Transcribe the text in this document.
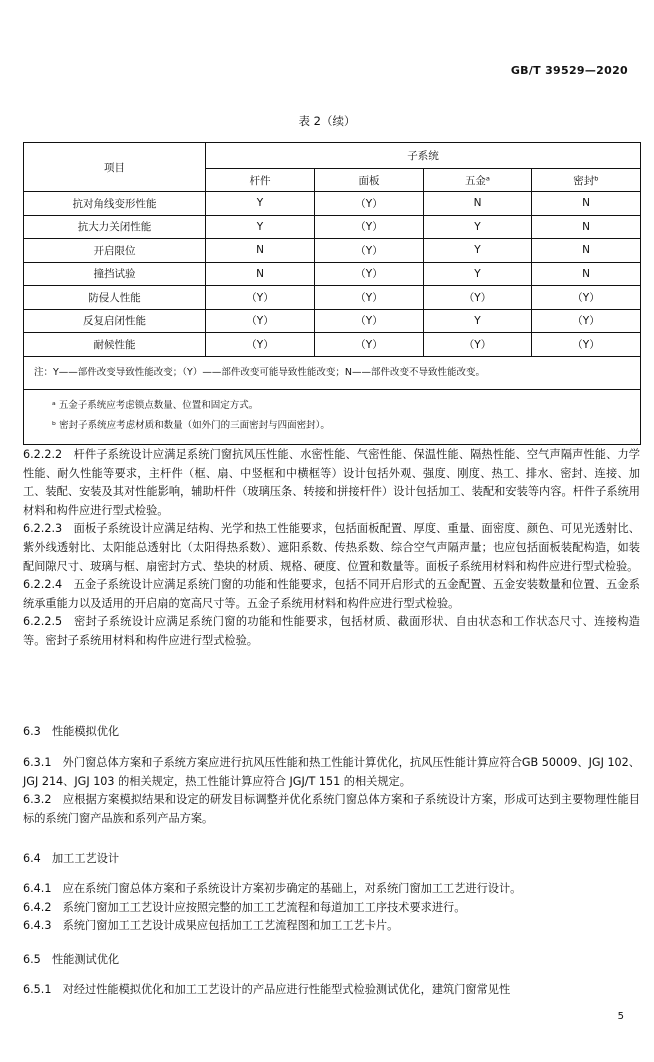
GB/T 39529—2020
表 2（续）
项目	子系统			
	杆件	面板	五金ᵃ	密封ᵇ
抗对角线变形性能	Y	（Y）	N	N
抗大力关闭性能	Y	（Y）	Y	N
开启限位	N	（Y）	Y	N
撞挡试验	N	（Y）	Y	N
防侵人性能	（Y）	（Y）	（Y）	（Y）
反复启闭性能	（Y）	（Y）	Y	（Y）
耐候性能	（Y）	（Y）	（Y）	（Y）
注：Y——部件改变导致性能改变；（Y）——部件改变可能导致性能改变；N——部件改变不导致性能改变。				

ᵃ 五金子系统应考虑锁点数量、位置和固定方式。
ᵇ 密封子系统应考虑材质和数量（如外门的三面密封与四面密封）。				

6.2.2.2　杆件子系统设计应满足系统门窗抗风压性能、水密性能、气密性能、保温性能、隔热性能、空气声隔声性能、力学性能、耐久性能等要求，主杆件（框、扇、中竖框和中横框等）设计包括外观、强度、刚度、热工、排水、密封、连接、加工、装配、安装及其对性能影响，辅助杆件（玻璃压条、转接和拼接杆件）设计包括加工、装配和安装等内容。杆件子系统用材料和构件应进行型式检验。

6.2.2.3　面板子系统设计应满足结构、光学和热工性能要求，包括面板配置、厚度、重量、面密度、颜色、可见光透射比、紫外线透射比、太阳能总透射比（太阳得热系数）、遮阳系数、传热系数、综合空气声隔声量；也应包括面板装配构造，如装配间隙尺寸、玻璃与框、扇密封方式、垫块的材质、规格、硬度、位置和数量等。面板子系统用材料和构件应进行型式检验。

6.2.2.4　五金子系统设计应满足系统门窗的功能和性能要求，包括不同开启形式的五金配置、五金安装数量和位置、五金系统承重能力以及适用的开启扇的宽高尺寸等。五金子系统用材料和构件应进行型式检验。

6.2.2.5　密封子系统设计应满足系统门窗的功能和性能要求，包括材质、截面形状、自由状态和工作状态尺寸、连接构造等。密封子系统用材料和构件应进行型式检验。

6.3　性能模拟优化

6.3.1　外门窗总体方案和子系统方案应进行抗风压性能和热工性能计算优化，抗风压性能计算应符合GB 50009、JGJ 102、JGJ 214、JGJ 103 的相关规定，热工性能计算应符合 JGJ/T 151 的相关规定。

6.3.2　应根据方案模拟结果和设定的研发目标调整并优化系统门窗总体方案和子系统设计方案，形成可达到主要物理性能目标的系统门窗产品族和系列产品方案。

6.4　加工工艺设计

6.4.1　应在系统门窗总体方案和子系统设计方案初步确定的基础上，对系统门窗加工工艺进行设计。

6.4.2　系统门窗加工工艺设计应按照完整的加工工艺流程和每道加工工序技术要求进行。

6.4.3　系统门窗加工工艺设计成果应包括加工工艺流程图和加工工艺卡片。

6.5　性能测试优化

6.5.1　对经过性能模拟优化和加工工艺设计的产品应进行性能型式检验测试优化，建筑门窗常见性

5
